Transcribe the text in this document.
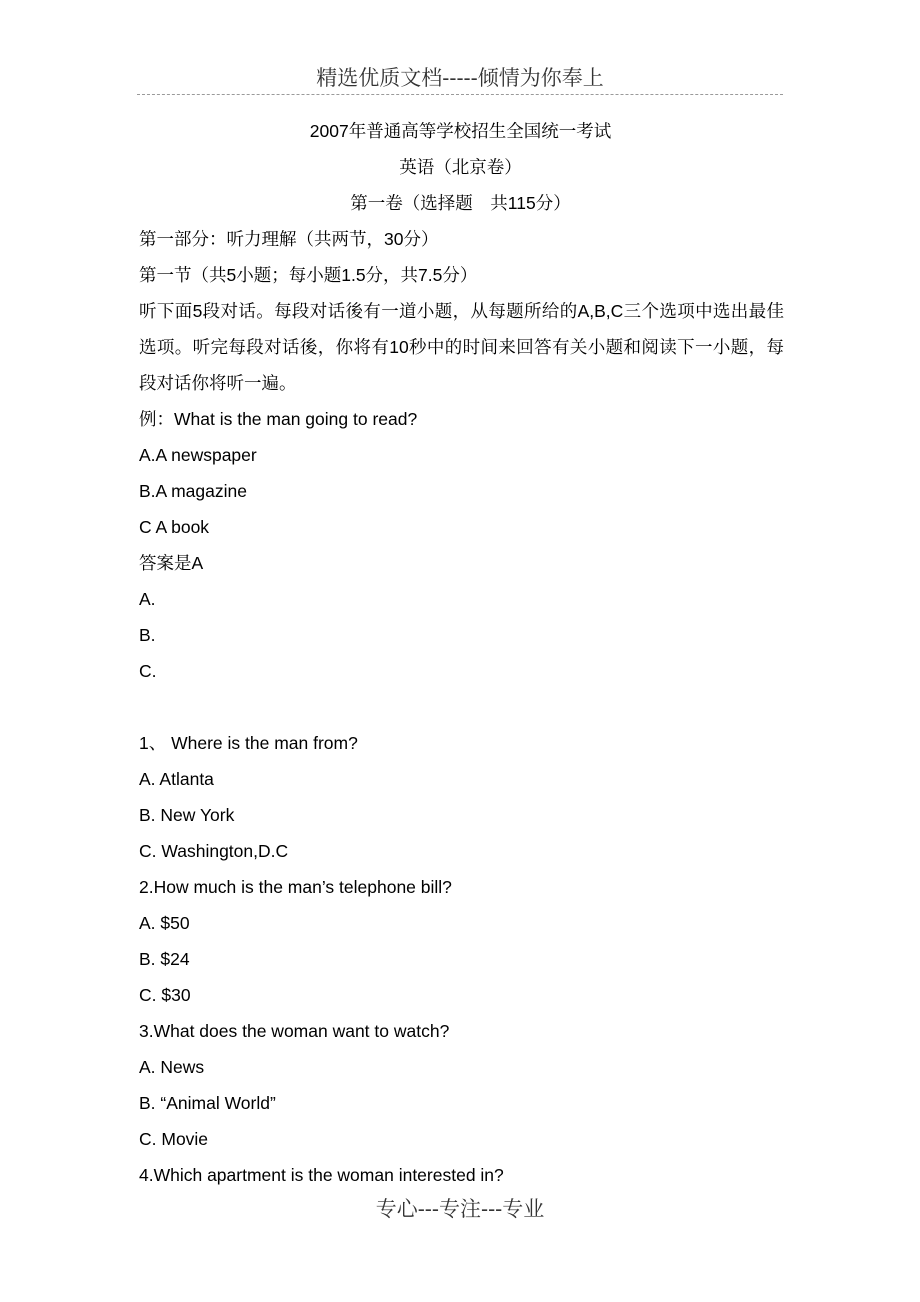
精选优质文档-----倾情为你奉上
2007年普通高等学校招生全国统一考试
英语（北京卷）
第一卷（选择题　共115分）
第一部分：听力理解（共两节，30分）
第一节（共5小题；每小题1.5分，共7.5分）
听下面5段对话。每段对话後有一道小题，从每题所给的A,B,C三个选项中选出最佳选项。听完每段对话後，你将有10秒中的时间来回答有关小题和阅读下一小题，每段对话你将听一遍。
例：What is the man going to read?
A.A newspaper
B.A magazine
C A book
答案是A
A.
B.
C.
1、 Where is the man from?
A. Atlanta
B. New York
C. Washington,D.C
2.How much is the man’s telephone bill?
A. $50
B. $24
C. $30
3.What does the woman want to watch?
A. News
B. “Animal World”
C. Movie
4.Which apartment is the woman interested in?
专心---专注---专业
